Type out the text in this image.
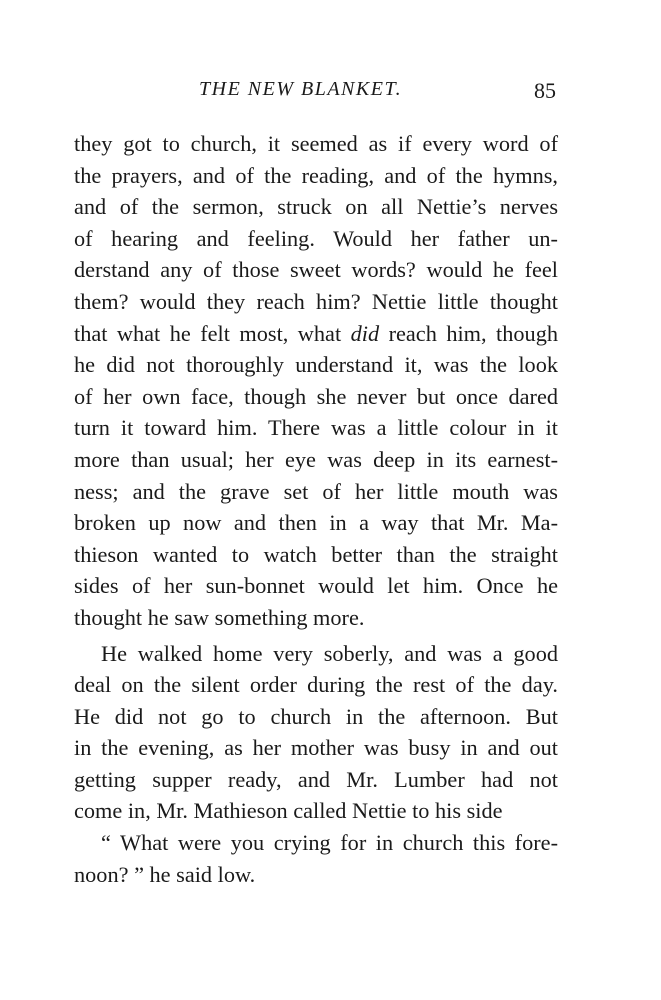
THE NEW BLANKET.	85
they got to church, it seemed as if every word of
the prayers, and of the reading, and of the hymns,
and of the sermon, struck on all Nettie’s nerves
of hearing and feeling. Would her father un-
derstand any of those sweet words? would he feel
them? would they reach him? Nettie little thought
that what he felt most, what did reach him, though
he did not thoroughly understand it, was the look
of her own face, though she never but once dared
turn it toward him. There was a little colour in it
more than usual; her eye was deep in its earnest-
ness; and the grave set of her little mouth was
broken up now and then in a way that Mr. Ma-
thieson wanted to watch better than the straight
sides of her sun-bonnet would let him. Once he
thought he saw something more.
He walked home very soberly, and was a good
deal on the silent order during the rest of the day.
He did not go to church in the afternoon. But
in the evening, as her mother was busy in and out
getting supper ready, and Mr. Lumber had not
come in, Mr. Mathieson called Nettie to his side
“ What were you crying for in church this fore-
noon? ” he said low.
